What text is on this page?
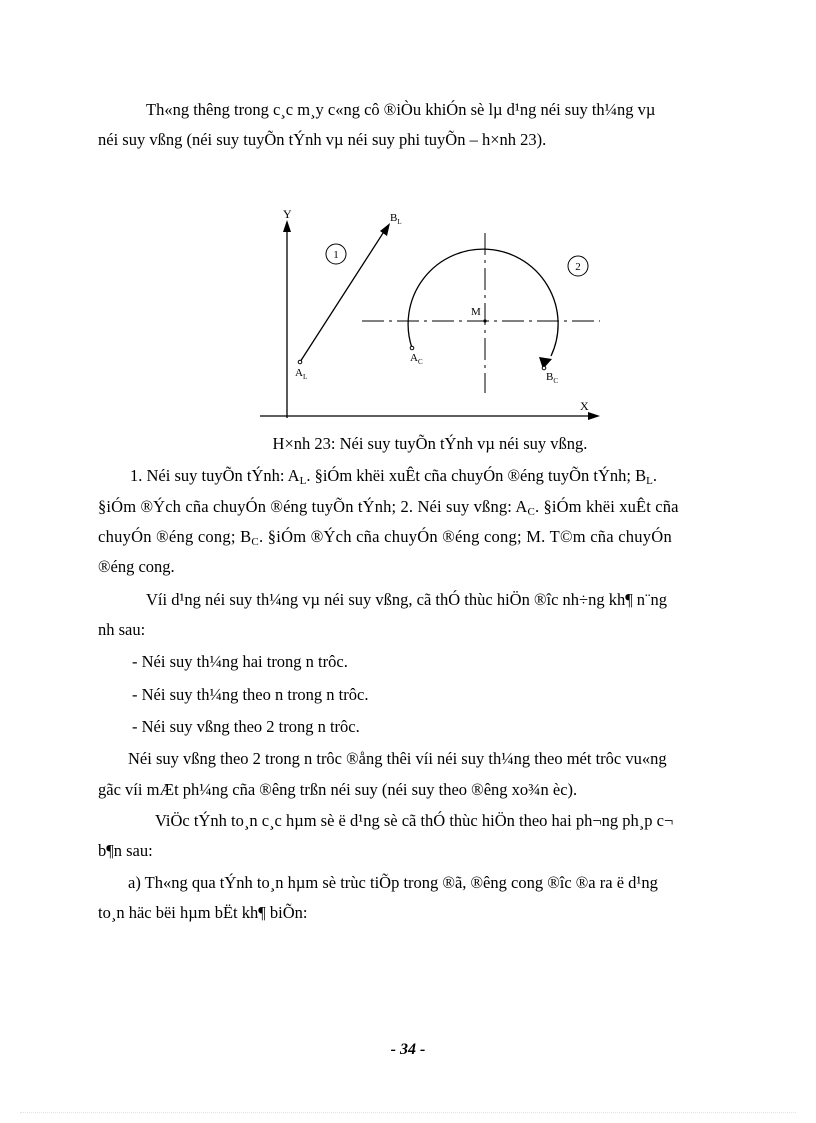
Th«ng thêng trong c¸c m¸y c«ng cô ®iÒu khiÓn sè lµ d¹ng néi suy th¼ng vµ
néi suy vßng (néi suy tuyÕn tÝnh vµ néi suy phi tuyÕn – h×nh 23).
Y
X
$A_L$
$B_L$
1
M
$A_C$
$B_C$
2
H×nh 23: Néi suy tuyÕn tÝnh vµ néi suy vßng.
1. Néi suy tuyÕn tÝnh: $A_L$. §iÓm khëi xuÊt cña chuyÓn ®éng tuyÕn tÝnh; $B_L$.
§iÓm ®Ých cña chuyÓn ®éng tuyÕn tÝnh; 2. Néi suy vßng: $A_C$. §iÓm khëi xuÊt cña
chuyÓn ®éng cong; $B_C$. §iÓm ®Ých cña chuyÓn ®éng cong; M. T©m cña chuyÓn
®éng cong.
Víi d¹ng néi suy th¼ng vµ néi suy vßng, cã thÓ thùc hiÖn ®îc nh÷ng kh¶ n¨ng
nh sau:
- Néi suy th¼ng hai trong n trôc.
- Néi suy th¼ng theo n trong n trôc.
- Néi suy vßng theo 2 trong n trôc.
Néi suy vßng theo 2 trong n trôc ®ång thêi víi néi suy th¼ng theo mét trôc vu«ng
gãc víi mÆt ph¼ng cña ®êng trßn néi suy (néi suy theo ®êng xo¾n èc).
ViÖc tÝnh to¸n c¸c hµm sè ë d¹ng sè cã thÓ thùc hiÖn theo hai ph¬ng ph¸p c¬
b¶n sau:
a) Th«ng qua tÝnh to¸n hµm sè trùc tiÕp trong ®ã, ®êng cong ®îc ®a ra ë d¹ng
to¸n häc bëi hµm bËt kh¶ biÕn:
- 34 -
